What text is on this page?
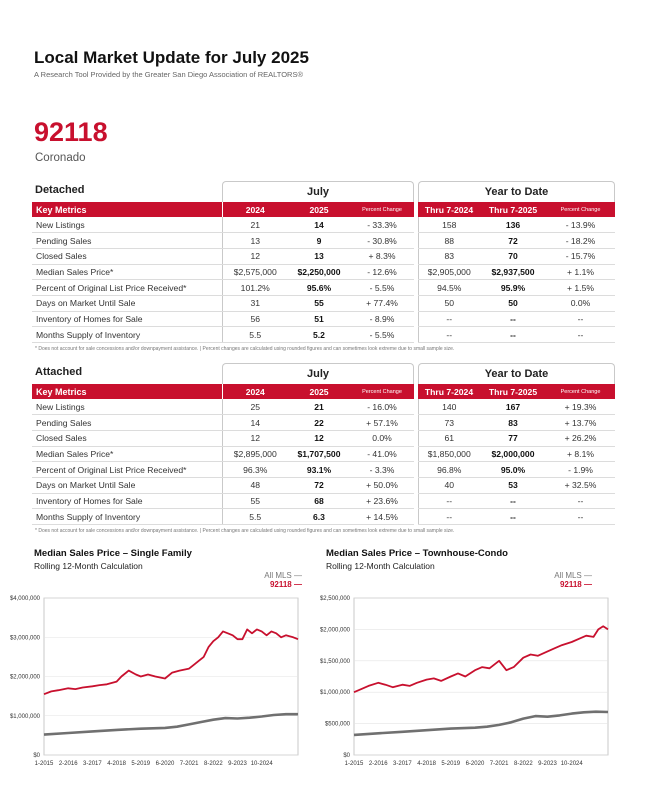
Local Market Update for July 2025
A Research Tool Provided by the Greater San Diego Association of REALTORS®
92118
Coronado
Detached	July	Year to Date
Key Metrics	2024	2025	Percent Change		Thru 7-2024	Thru 7-2025	Percent Change
New Listings	21	14	- 33.3%		158	136	- 13.9%
Pending Sales	13	9	- 30.8%		88	72	- 18.2%
Closed Sales	12	13	+ 8.3%		83	70	- 15.7%
Median Sales Price*	$2,575,000	$2,250,000	- 12.6%		$2,905,000	$2,937,500	+ 1.1%
Percent of Original List Price Received*	101.2%	95.6%	- 5.5%		94.5%	95.9%	+ 1.5%
Days on Market Until Sale	31	55	+ 77.4%		50	50	0.0%
Inventory of Homes for Sale	56	51	- 8.9%		--	--	--
Months Supply of Inventory	5.5	5.2	- 5.5%		--	--	--
* Does not account for sale concessions and/or downpayment assistance. | Percent changes are calculated using rounded figures and can sometimes look extreme due to small sample size.
Attached	July	Year to Date
Key Metrics	2024	2025	Percent Change		Thru 7-2024	Thru 7-2025	Percent Change
New Listings	25	21	- 16.0%		140	167	+ 19.3%
Pending Sales	14	22	+ 57.1%		73	83	+ 13.7%
Closed Sales	12	12	0.0%		61	77	+ 26.2%
Median Sales Price*	$2,895,000	$1,707,500	- 41.0%		$1,850,000	$2,000,000	+ 8.1%
Percent of Original List Price Received*	96.3%	93.1%	- 3.3%		96.8%	95.0%	- 1.9%
Days on Market Until Sale	48	72	+ 50.0%		40	53	+ 32.5%
Inventory of Homes for Sale	55	68	+ 23.6%		--	--	--
Months Supply of Inventory	5.5	6.3	+ 14.5%		--	--	--
* Does not account for sale concessions and/or downpayment assistance. | Percent changes are calculated using rounded figures and can sometimes look extreme due to small sample size.
Median Sales Price – Single Family
Rolling 12-Month Calculation
All MLS —
92118 —
$4,000,000
$3,000,000
$2,000,000
$1,000,000
$0
1-2015 2-2016 3-2017 4-2018 5-2019 6-2020 7-2021 8-2022 9-2023 10-2024
Median Sales Price – Townhouse-Condo
Rolling 12-Month Calculation
All MLS —
92118 —
$2,500,000
$2,000,000
$1,500,000
$1,000,000
$500,000
$0
1-2015 2-2016 3-2017 4-2018 5-2019 6-2020 7-2021 8-2022 9-2023 10-2024
